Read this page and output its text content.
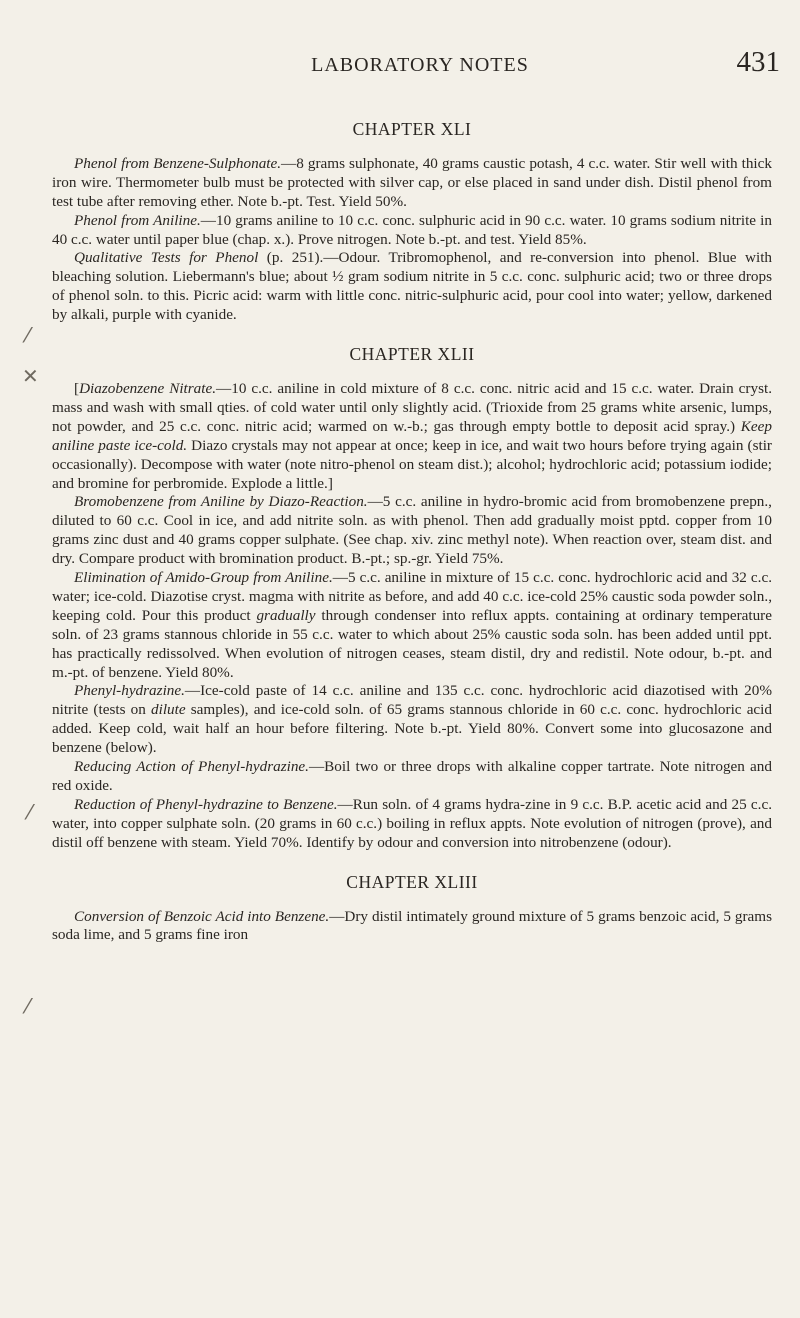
LABORATORY NOTES	431
⁄
✕
⁄
⁄
CHAPTER XLI

Phenol from Benzene-Sulphonate.—8 grams sulphonate, 40 grams caustic potash, 4 c.c. water. Stir well with thick iron wire. Thermometer bulb must be protected with silver cap, or else placed in sand under dish. Distil phenol from test tube after removing ether. Note b.-pt. Test. Yield 50%.

Phenol from Aniline.—10 grams aniline to 10 c.c. conc. sulphuric acid in 90 c.c. water. 10 grams sodium nitrite in 40 c.c. water until paper blue (chap. x.). Prove nitrogen. Note b.-pt. and test. Yield 85%.

Qualitative Tests for Phenol (p. 251).—Odour. Tribromophenol, and re-conversion into phenol. Blue with bleaching solution. Liebermann's blue; about ½ gram sodium nitrite in 5 c.c. conc. sulphuric acid; two or three drops of phenol soln. to this. Picric acid: warm with little conc. nitric-sulphuric acid, pour cool into water; yellow, darkened by alkali, purple with cyanide.

CHAPTER XLII

[Diazobenzene Nitrate.—10 c.c. aniline in cold mixture of 8 c.c. conc. nitric acid and 15 c.c. water. Drain cryst. mass and wash with small qties. of cold water until only slightly acid. (Trioxide from 25 grams white arsenic, lumps, not powder, and 25 c.c. conc. nitric acid; warmed on w.-b.; gas through empty bottle to deposit acid spray.) Keep aniline paste ice-cold. Diazo crystals may not appear at once; keep in ice, and wait two hours before trying again (stir occasionally). Decompose with water (note nitro-phenol on steam dist.); alcohol; hydrochloric acid; potassium iodide; and bromine for perbromide. Explode a little.]

Bromobenzene from Aniline by Diazo-Reaction.—5 c.c. aniline in hydro-bromic acid from bromobenzene prepn., diluted to 60 c.c. Cool in ice, and add nitrite soln. as with phenol. Then add gradually moist pptd. copper from 10 grams zinc dust and 40 grams copper sulphate. (See chap. xiv. zinc methyl note). When reaction over, steam dist. and dry. Compare product with bromination product. B.-pt.; sp.-gr. Yield 75%.

Elimination of Amido-Group from Aniline.—5 c.c. aniline in mixture of 15 c.c. conc. hydrochloric acid and 32 c.c. water; ice-cold. Diazotise cryst. magma with nitrite as before, and add 40 c.c. ice-cold 25% caustic soda powder soln., keeping cold. Pour this product gradually through condenser into reflux appts. containing at ordinary temperature soln. of 23 grams stannous chloride in 55 c.c. water to which about 25% caustic soda soln. has been added until ppt. has practically redissolved. When evolution of nitrogen ceases, steam distil, dry and redistil. Note odour, b.-pt. and m.-pt. of benzene. Yield 80%.

Phenyl-hydrazine.—Ice-cold paste of 14 c.c. aniline and 135 c.c. conc. hydrochloric acid diazotised with 20% nitrite (tests on dilute samples), and ice-cold soln. of 65 grams stannous chloride in 60 c.c. conc. hydrochloric acid added. Keep cold, wait half an hour before filtering. Note b.-pt. Yield 80%. Convert some into glucosazone and benzene (below).

Reducing Action of Phenyl-hydrazine.—Boil two or three drops with alkaline copper tartrate. Note nitrogen and red oxide.

Reduction of Phenyl-hydrazine to Benzene.—Run soln. of 4 grams hydra-zine in 9 c.c. B.P. acetic acid and 25 c.c. water, into copper sulphate soln. (20 grams in 60 c.c.) boiling in reflux appts. Note evolution of nitrogen (prove), and distil off benzene with steam. Yield 70%. Identify by odour and conversion into nitrobenzene (odour).

CHAPTER XLIII

Conversion of Benzoic Acid into Benzene.—Dry distil intimately ground mixture of 5 grams benzoic acid, 5 grams soda lime, and 5 grams fine iron
